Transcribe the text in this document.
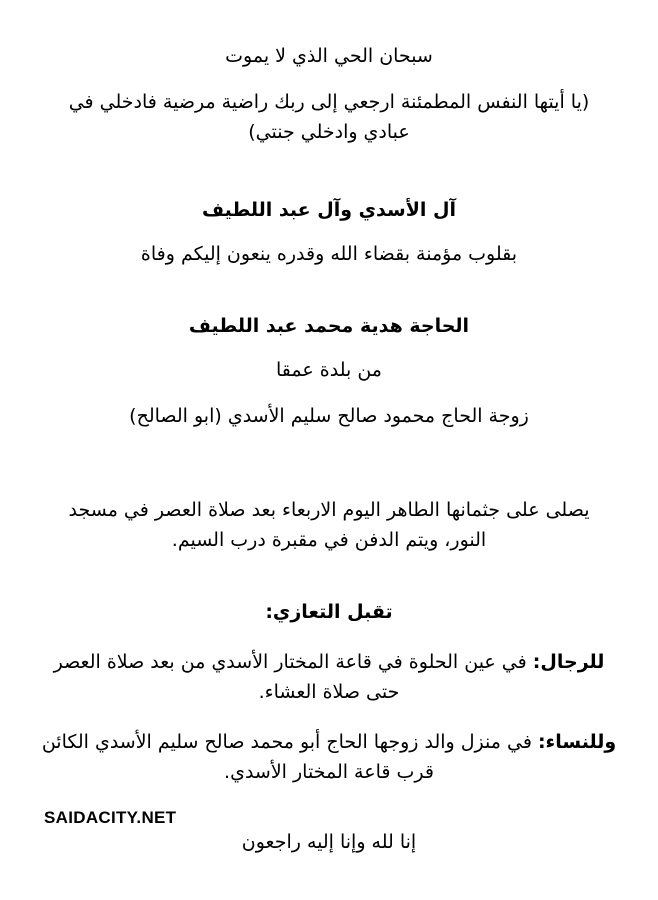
سبحان الحي الذي لا يموت

(يا أيتها النفس المطمئنة ارجعي إلى ربك راضية مرضية فادخلي في

عبادي وادخلي جنتي)

آل الأسدي وآل عبد اللطيف

بقلوب مؤمنة بقضاء الله وقدره ينعون إليكم وفاة

الحاجة هدية محمد عبد اللطيف

من بلدة عمقا

زوجة الحاج محمود صالح سليم الأسدي (ابو الصالح)

يصلى على جثمانها الطاهر اليوم الاربعاء بعد صلاة العصر في مسجد

النور، ويتم الدفن في مقبرة درب السيم.

تقبل التعازي:

للرجال: في عين الحلوة في قاعة المختار الأسدي من بعد صلاة العصر

حتى صلاة العشاء.

وللنساء: في منزل والد زوجها الحاج أبو محمد صالح سليم الأسدي الكائن

قرب قاعة المختار الأسدي.

SAIDACITY.NET

إنا لله وإنا إليه راجعون
